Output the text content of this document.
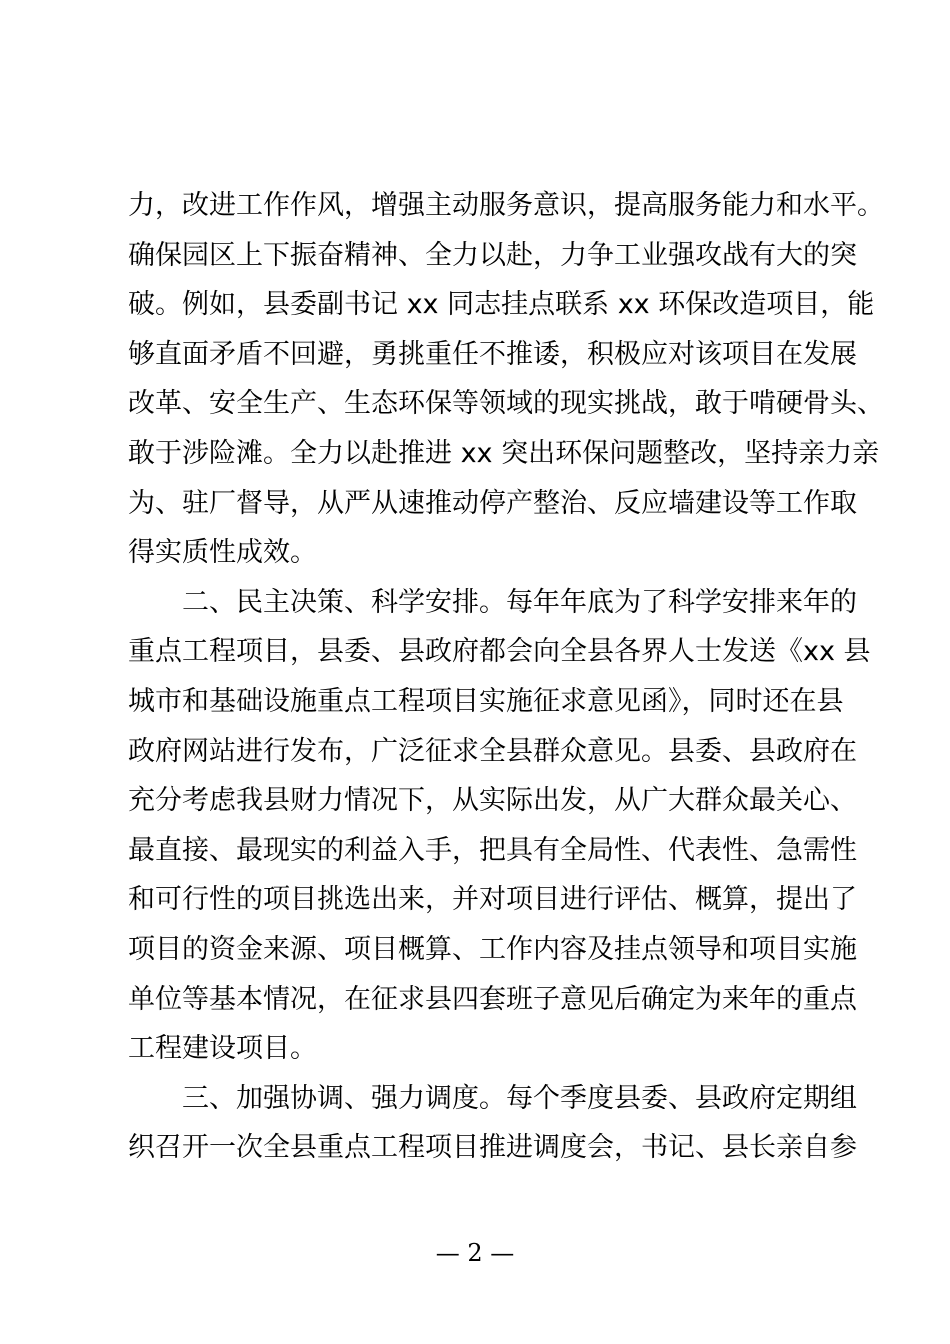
力，改进工作作风，增强主动服务意识，提高服务能力和水平。
确保园区上下振奋精神、全力以赴，力争工业强攻战有大的突
破。例如，县委副书记 xx 同志挂点联系 xx 环保改造项目，能
够直面矛盾不回避，勇挑重任不推诿，积极应对该项目在发展
改革、安全生产、生态环保等领域的现实挑战，敢于啃硬骨头、
敢于涉险滩。全力以赴推进 xx 突出环保问题整改，坚持亲力亲
为、驻厂督导，从严从速推动停产整治、反应墙建设等工作取
得实质性成效。
二、民主决策、科学安排。每年年底为了科学安排来年的
重点工程项目，县委、县政府都会向全县各界人士发送《xx 县
城市和基础设施重点工程项目实施征求意见函》，同时还在县
政府网站进行发布，广泛征求全县群众意见。县委、县政府在
充分考虑我县财力情况下，从实际出发，从广大群众最关心、
最直接、最现实的利益入手，把具有全局性、代表性、急需性
和可行性的项目挑选出来，并对项目进行评估、概算，提出了
项目的资金来源、项目概算、工作内容及挂点领导和项目实施
单位等基本情况，在征求县四套班子意见后确定为来年的重点
工程建设项目。
三、加强协调、强力调度。每个季度县委、县政府定期组
织召开一次全县重点工程项目推进调度会，书记、县长亲自参
— 2 —
